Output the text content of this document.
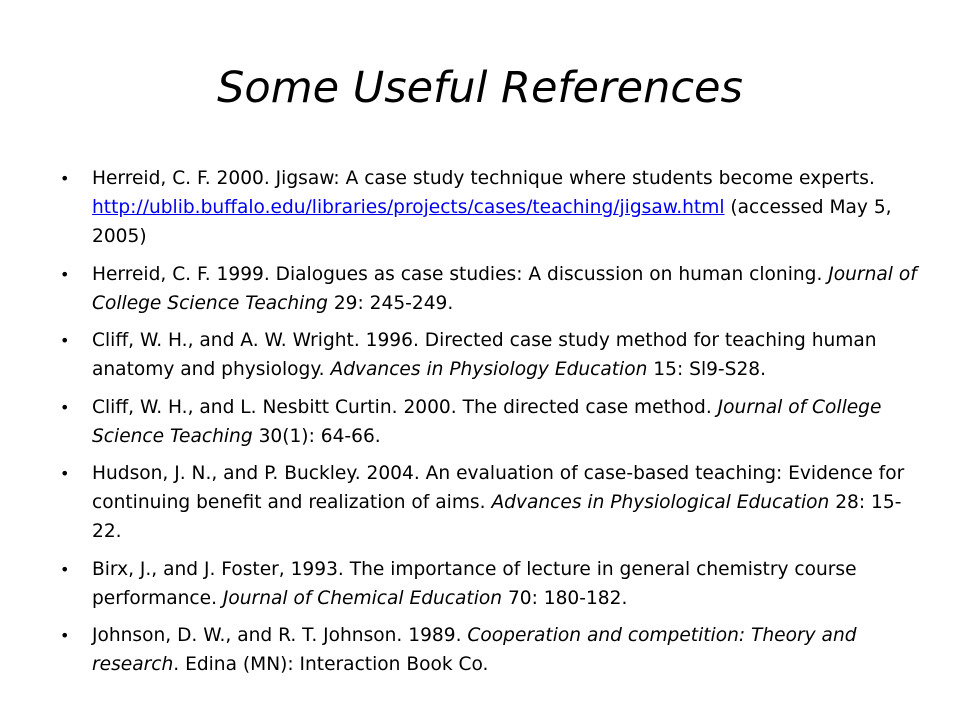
Some Useful References
• Herreid, C. F. 2000. Jigsaw: A case study technique where students become experts. http://ublib.buffalo.edu/libraries/projects/cases/teaching/jigsaw.html (accessed May 5, 2005)
• Herreid, C. F. 1999. Dialogues as case studies: A discussion on human cloning. Journal of College Science Teaching 29: 245-249.
• Cliff, W. H., and A. W. Wright. 1996. Directed case study method for teaching human anatomy and physiology. Advances in Physiology Education 15: Sl9-S28.
• Cliff, W. H., and L. Nesbitt Curtin. 2000. The directed case method. Journal of College Science Teaching 30(1): 64-66.
• Hudson, J. N., and P. Buckley. 2004. An evaluation of case-based teaching: Evidence for continuing benefit and realization of aims. Advances in Physiological Education 28: 15-22.
• Birx, J., and J. Foster, 1993. The importance of lecture in general chemistry course performance. Journal of Chemical Education 70: 180-182.
• Johnson, D. W., and R. T. Johnson. 1989. Cooperation and competition: Theory and research. Edina (MN): Interaction Book Co.
